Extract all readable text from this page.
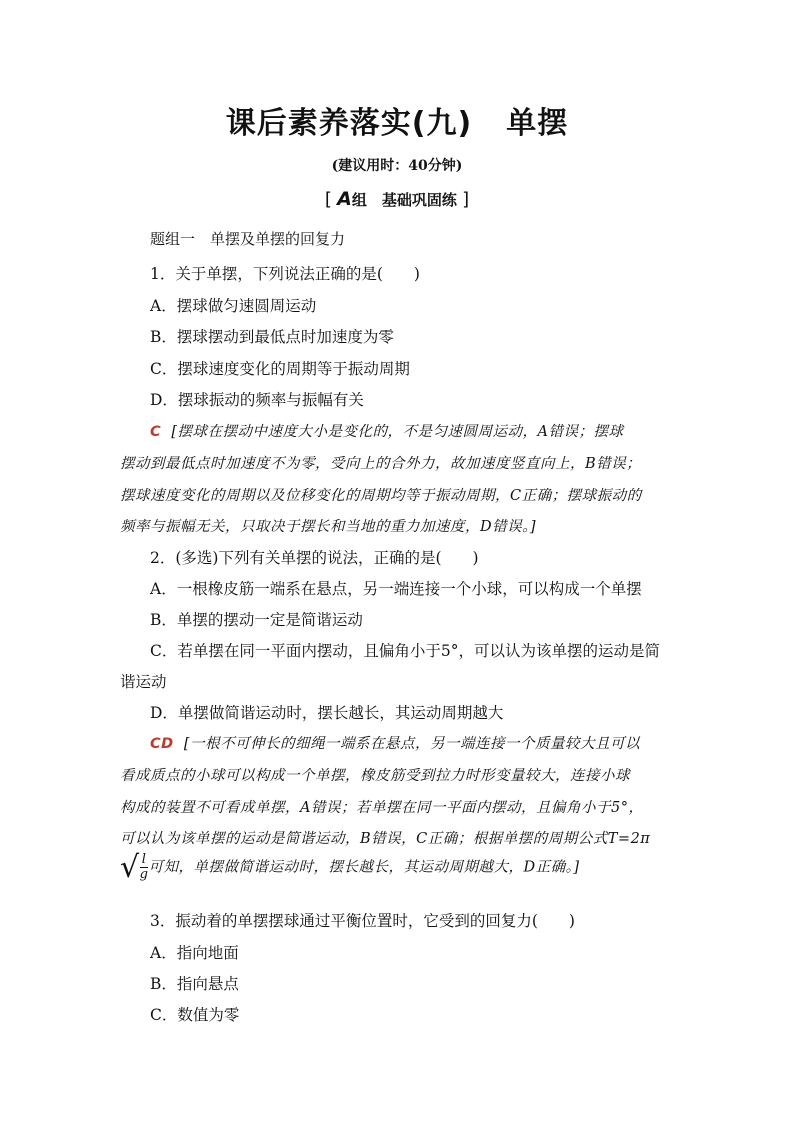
课后素养落实(九) 单摆
(建议用时：40分钟)
[ A组　基础巩固练 ]
题组一　单摆及单摆的回复力
1．关于单摆，下列说法正确的是(　　)
A．摆球做匀速圆周运动
B．摆球摆动到最低点时加速度为零
C．摆球速度变化的周期等于振动周期
D．摆球振动的频率与振幅有关
C [摆球在摆动中速度大小是变化的，不是匀速圆周运动，A错误；摆球
摆动到最低点时加速度不为零，受向上的合外力，故加速度竖直向上，B错误；
摆球速度变化的周期以及位移变化的周期均等于振动周期，C正确；摆球振动的
频率与振幅无关，只取决于摆长和当地的重力加速度，D错误。]
2．(多选)下列有关单摆的说法，正确的是(　　)
A．一根橡皮筋一端系在悬点，另一端连接一个小球，可以构成一个单摆
B．单摆的摆动一定是简谐运动
C．若单摆在同一平面内摆动，且偏角小于5°，可以认为该单摆的运动是简
谐运动
D．单摆做简谐运动时，摆长越长，其运动周期越大
CD [一根不可伸长的细绳一端系在悬点，另一端连接一个质量较大且可以
看成质点的小球可以构成一个单摆，橡皮筋受到拉力时形变量较大，连接小球
构成的装置不可看成单摆，A错误；若单摆在同一平面内摆动，且偏角小于5°，
可以认为该单摆的运动是简谐运动，B错误，C正确；根据单摆的周期公式T=2π
√ $\frac{l}{g}$ 可知，单摆做简谐运动时，摆长越长，其运动周期越大，D正确。]
3．振动着的单摆摆球通过平衡位置时，它受到的回复力(　　)
A．指向地面
B．指向悬点
C．数值为零
